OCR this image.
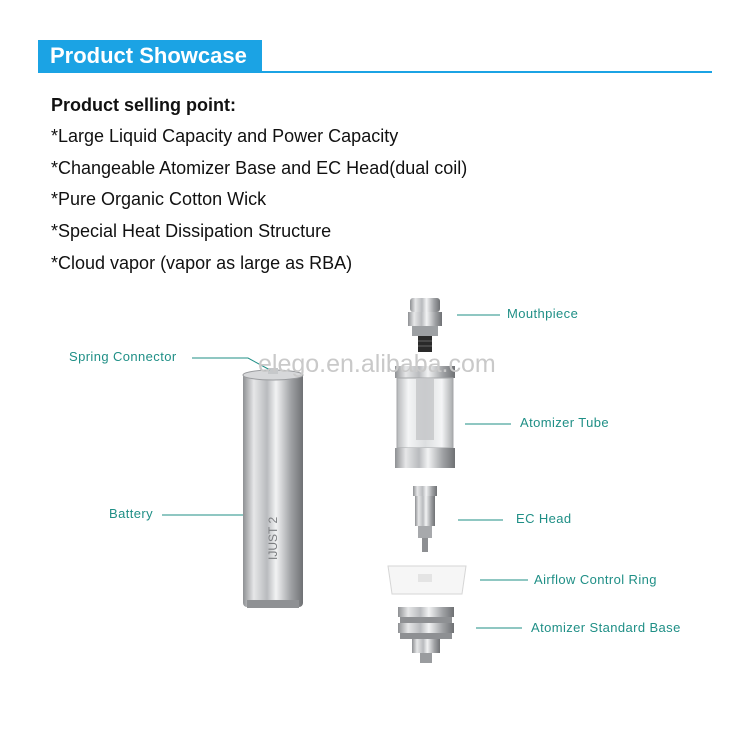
Product Showcase
Product selling point:
*Large Liquid Capacity and Power Capacity
*Changeable Atomizer Base and EC Head(dual coil)
*Pure Organic Cotton Wick
*Special Heat Dissipation Structure
*Cloud vapor (vapor as large as RBA)
IJUST 2
elego.en.alibaba.com
Spring Connector
Battery
Mouthpiece
Atomizer Tube
EC Head
Airflow Control Ring
Atomizer Standard Base
